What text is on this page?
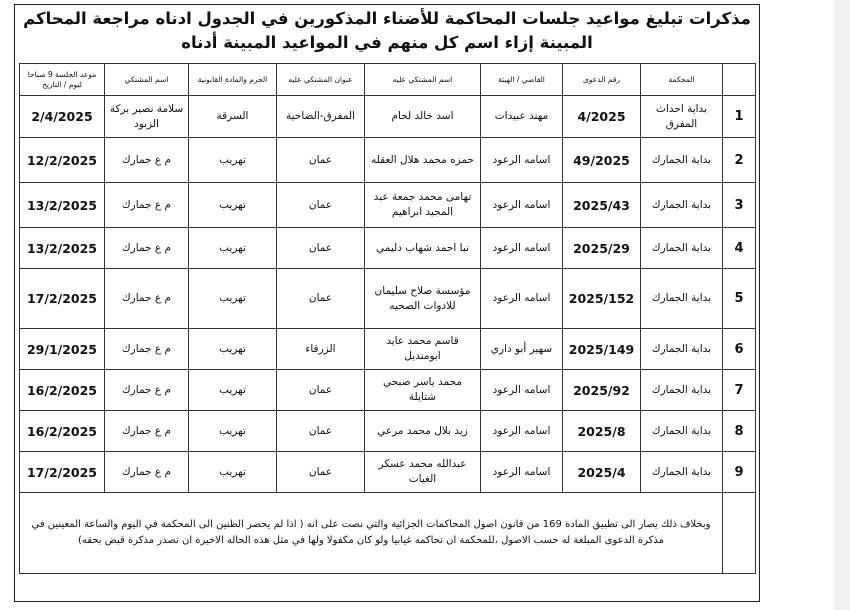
مذكرات تبليغ مواعيد جلسات المحاكمة للأضناء المذكورين في الجدول ادناه مراجعة المحاكم المبينة إزاء اسم كل منهم في المواعيد المبينة أدناه
	المحكمة	رقم الدعوى	القاضي / الهيئة	اسم المشتكي عليه	عنوان المشتكي عليه	الجرم والمادة القانونية	اسم المشتكي	موعد الجلسة 9 صباحا ليوم / التاريخ
1	بداية احداث المفرق	4/2025	مهند عبيدات	اسد خالد لحام	المفرق-الضاحية	السرقة	سلامة نصير بركة الزبود	2/4/2025
2	بداية الجمارك	49/2025	اسامه الرعود	حمزه محمد هلال العقله	عمان	تهريب	م ع جمارك	12/2/2025
3	بداية الجمارك	2025/43	اسامه الرعود	تهامى محمد جمعة عبد المجيد ابراهيم	عمان	تهريب	م ع جمارك	13/2/2025
4	بداية الجمارك	2025/29	اسامه الرعود	نبا احمد شهاب دليمي	عمان	تهريب	م ع جمارك	13/2/2025
5	بداية الجمارك	2025/152	اسامه الرعود	مؤسسة صلاح سليمان للادوات الصحيه	عمان	تهريب	م ع جمارك	17/2/2025
6	بداية الجمارك	2025/149	سهير أبو داري	قاسم محمد عايد ابومنديل	الزرقاء	تهريب	م ع جمارك	29/1/2025
7	بداية الجمارك	2025/92	اسامه الرعود	محمد ياسر صبحي شتايلة	عمان	تهريب	م ع جمارك	16/2/2025
8	بداية الجمارك	2025/8	اسامه الرعود	زيد بلال محمد مرعي	عمان	تهريب	م ع جمارك	16/2/2025
9	بداية الجمارك	2025/4	اسامه الرعود	عبدالله محمد عسكر الغيات	عمان	تهريب	م ع جمارك	17/2/2025
	وبخلاف ذلك يصار الى تطبيق المادة 169 من قانون اصول المحاكمات الجزائية والتي نصت على انه ( اذا لم يحضر الظنين الى المحكمة في اليوم والساعة المعينين في مذكرة الدعوى المبلغة له حسب الاصول ،للمحكمة ان تحاكمه غيابيا ولو كان مكفولا ولها في مثل هذه الحاله الاخيرة ان تصدر مذكرة قبض بحقه)							
